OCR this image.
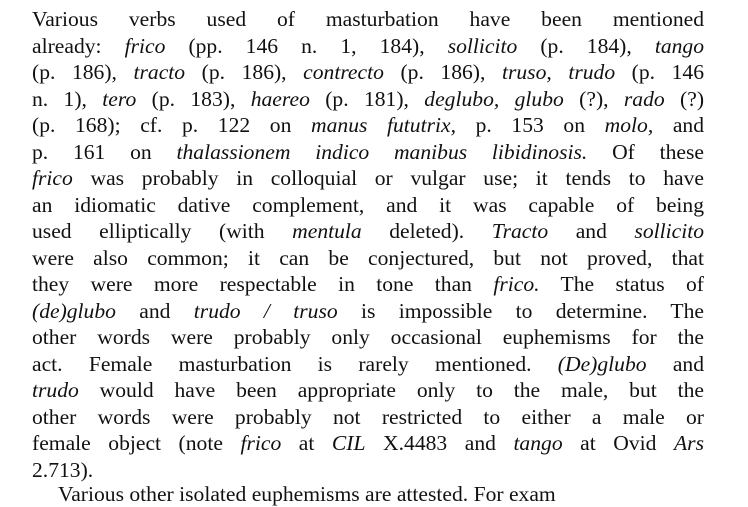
Various verbs used of masturbation have been mentioned
already: frico (pp. 146 n. 1, 184), sollicito (p. 184), tango
(p. 186), tracto (p. 186), contrecto (p. 186), truso, trudo (p. 146
n. 1), tero (p. 183), haereo (p. 181), deglubo, glubo (?), rado (?)
(p. 168); cf. p. 122 on manus fututrix, p. 153 on molo, and
p. 161 on thalassionem indico manibus libidinosis. Of these
frico was probably in colloquial or vulgar use; it tends to have
an idiomatic dative complement, and it was capable of being
used elliptically (with mentula deleted). Tracto and sollicito
were also common; it can be conjectured, but not proved, that
they were more respectable in tone than frico. The status of
(de)glubo and trudo / truso is impossible to determine. The
other words were probably only occasional euphemisms for the
act. Female masturbation is rarely mentioned. (De)glubo and
trudo would have been appropriate only to the male, but the
other words were probably not restricted to either a male or
female object (note frico at CIL X.4483 and tango at Ovid Ars
2.713).
Various other isolated euphemisms are attested. For exam
